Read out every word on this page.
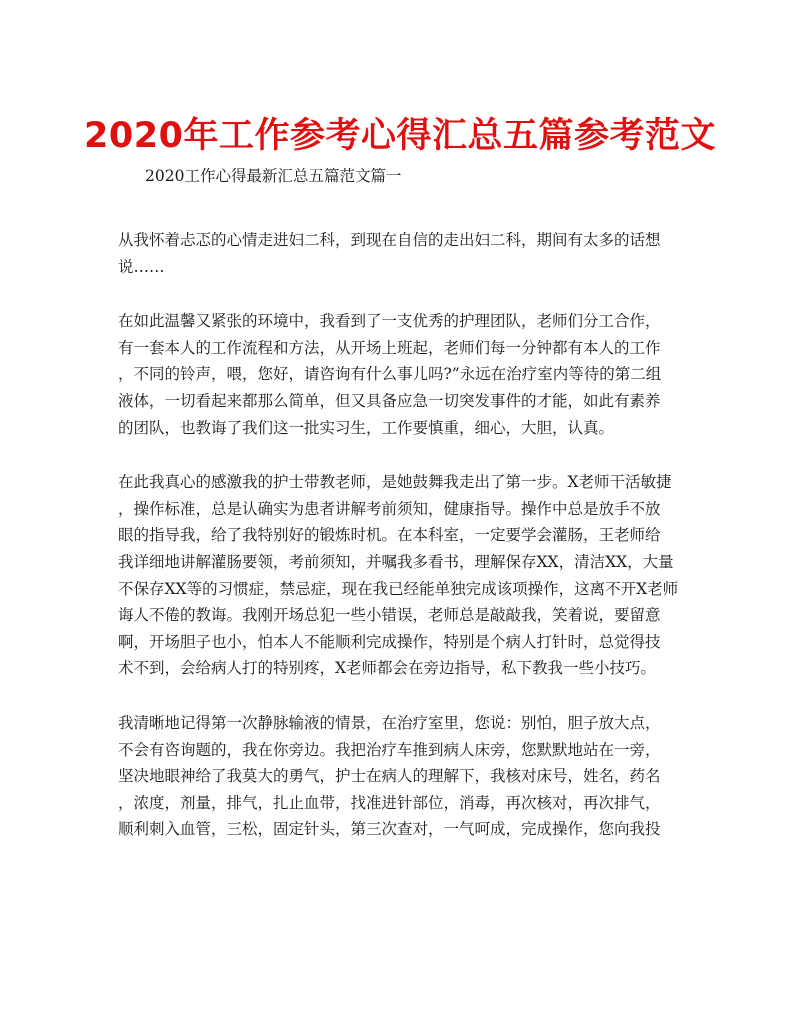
2020年工作参考心得汇总五篇参考范文

2020工作心得最新汇总五篇范文篇一

从我怀着忐忑的心情走进妇二科，到现在自信的走出妇二科，期间有太多的话想
说……

在如此温馨又紧张的环境中，我看到了一支优秀的护理团队，老师们分工合作，
有一套本人的工作流程和方法，从开场上班起，老师们每一分钟都有本人的工作
，不同的铃声，喂，您好，请咨询有什么事儿吗?”永远在治疗室内等待的第二组
液体，一切看起来都那么简单，但又具备应急一切突发事件的才能，如此有素养
的团队，也教诲了我们这一批实习生，工作要慎重，细心，大胆，认真。

在此我真心的感激我的护士带教老师，是她鼓舞我走出了第一步。X老师干活敏捷
，操作标准，总是认确实为患者讲解考前须知，健康指导。操作中总是放手不放
眼的指导我，给了我特别好的锻炼时机。在本科室，一定要学会灌肠，王老师给
我详细地讲解灌肠要领，考前须知，并嘱我多看书，理解保存XX，清洁XX，大量
不保存XX等的习惯症，禁忌症，现在我已经能单独完成该项操作，这离不开X老师
诲人不倦的教诲。我刚开场总犯一些小错误，老师总是敲敲我，笑着说，要留意
啊，开场胆子也小，怕本人不能顺利完成操作，特别是个病人打针时，总觉得技
术不到，会给病人打的特别疼，X老师都会在旁边指导，私下教我一些小技巧。

我清晰地记得第一次静脉输液的情景，在治疗室里，您说：别怕，胆子放大点，
不会有咨询题的，我在你旁边。我把治疗车推到病人床旁，您默默地站在一旁，
坚决地眼神给了我莫大的勇气，护士在病人的理解下，我核对床号，姓名，药名
，浓度，剂量，排气，扎止血带，找准进针部位，消毒，再次核对，再次排气，
顺利刺入血管，三松，固定针头，第三次查对，一气呵成，完成操作，您向我投
